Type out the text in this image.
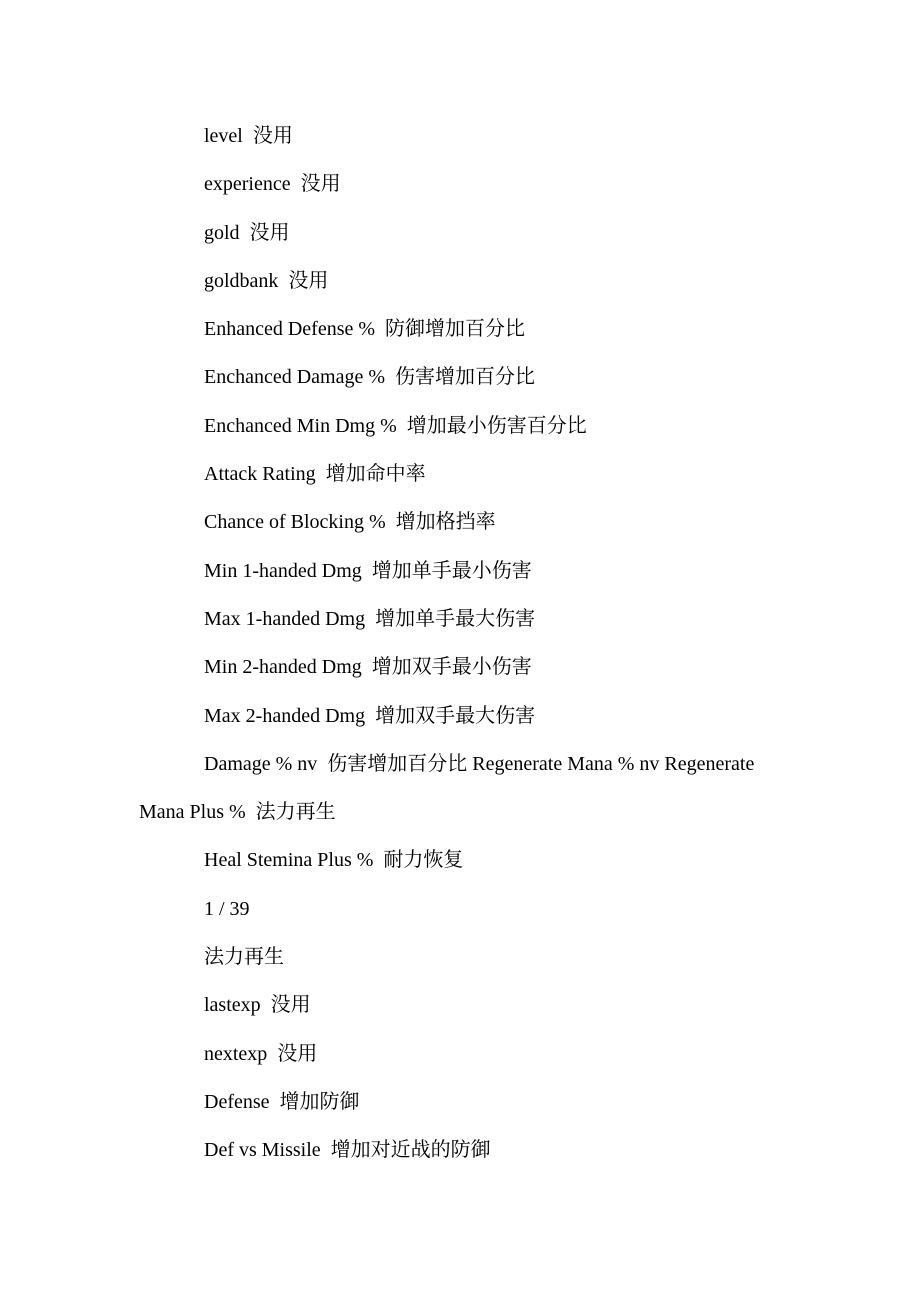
level  没用

experience  没用

gold  没用

goldbank  没用

Enhanced Defense %  防御增加百分比

Enchanced Damage %  伤害增加百分比

Enchanced Min Dmg %  增加最小伤害百分比

Attack Rating  增加命中率

Chance of Blocking %  增加格挡率

Min 1-handed Dmg  增加单手最小伤害

Max 1-handed Dmg  增加单手最大伤害

Min 2-handed Dmg  增加双手最小伤害

Max 2-handed Dmg  增加双手最大伤害

Damage % nv  伤害增加百分比 Regenerate Mana % nv Regenerate

Mana Plus %  法力再生

Heal Stemina Plus %  耐力恢复

1 / 39

法力再生

lastexp  没用

nextexp  没用

Defense  增加防御

Def vs Missile  增加对近战的防御
